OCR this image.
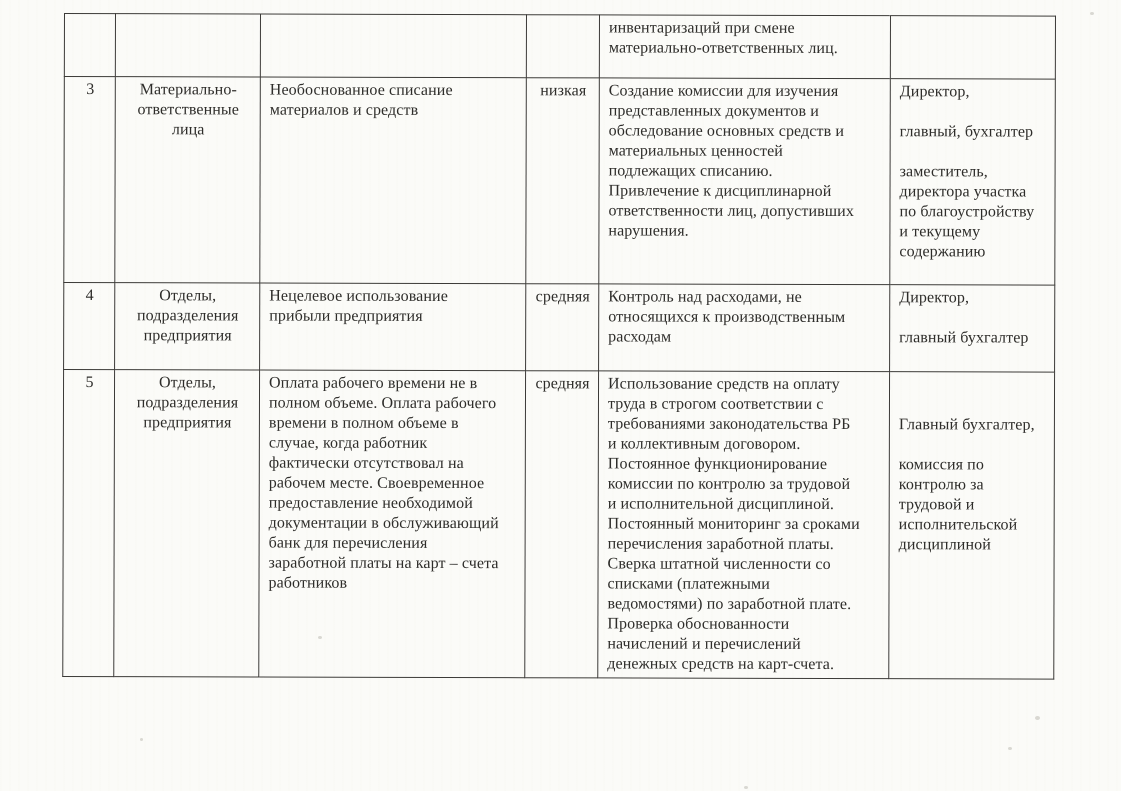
				инвентаризаций при смене
материально-ответственных лиц.	
3	Материально-
ответственные
лица	Необоснованное списание
материалов и средств	низкая	Создание комиссии для изучения
представленных документов и
обследование основных средств и
материальных ценностей
подлежащих списанию.
Привлечение к дисциплинарной
ответственности лиц, допустивших
нарушения.	Директор,

главный, бухгалтер

заместитель,
директора участка
по благоустройству
и текущему
содержанию
4	Отделы,
подразделения
предприятия	Нецелевое использование
прибыли предприятия	средняя	Контроль над расходами, не
относящихся к производственным
расходам	Директор,

главный бухгалтер
5	Отделы,
подразделения
предприятия	Оплата рабочего времени не в
полном объеме. Оплата рабочего
времени в полном объеме в
случае, когда работник
фактически отсутствовал на
рабочем месте. Своевременное
предоставление необходимой
документации в обслуживающий
банк для перечисления
заработной платы на карт – счета
работников	средняя	Использование средств на оплату
труда в строгом соответствии с
требованиями законодательства РБ
и коллективным договором.
Постоянное функционирование
комиссии по контролю за трудовой
и исполнительной дисциплиной.
Постоянный мониторинг за сроками
перечисления заработной платы.
Сверка штатной численности со
списками (платежными
ведомостями) по заработной плате.
Проверка обоснованности
начислений и перечислений
денежных средств на карт-счета.	

Главный бухгалтер,

комиссия по
контролю за
трудовой и
исполнительской
дисциплиной
